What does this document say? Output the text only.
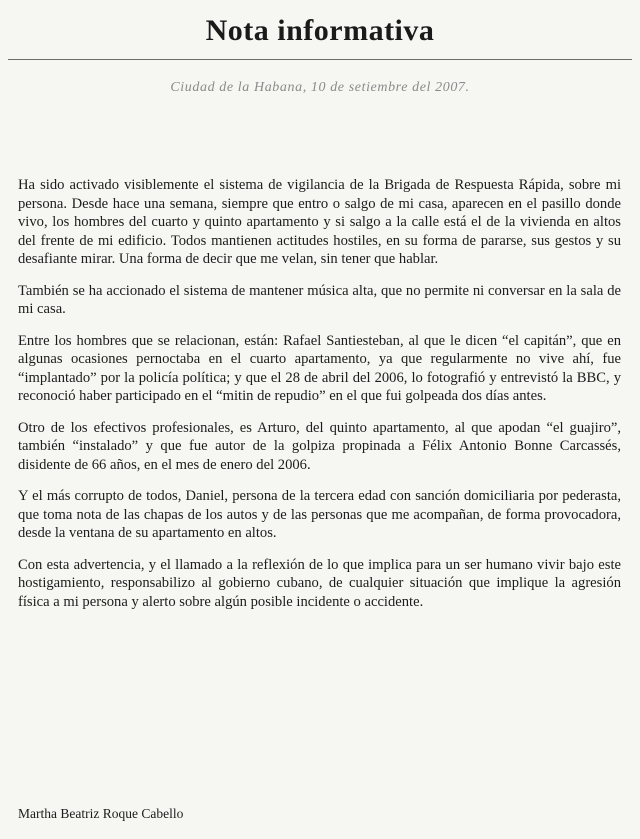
Nota informativa

Ciudad de la Habana, 10 de setiembre del 2007.

Ha sido activado visiblemente el sistema de vigilancia de la Brigada de Respuesta Rápida, sobre mi persona. Desde hace una semana, siempre que entro o salgo de mi casa, aparecen en el pasillo donde vivo, los hombres del cuarto y quinto apartamento y si salgo a la calle está el de la vivienda en altos del frente de mi edificio. Todos mantienen actitudes hostiles, en su forma de pararse, sus gestos y su desafiante mirar. Una forma de decir que me velan, sin tener que hablar.

También se ha accionado el sistema de mantener música alta, que no permite ni conversar en la sala de mi casa.

Entre los hombres que se relacionan, están: Rafael Santiesteban, al que le dicen “el capitán”, que en algunas ocasiones pernoctaba en el cuarto apartamento, ya que regularmente no vive ahí, fue “implantado” por la policía política; y que el 28 de abril del 2006, lo fotografió y entrevistó la BBC, y reconoció haber participado en el “mitin de repudio” en el que fui golpeada dos días antes.

Otro de los efectivos profesionales, es Arturo, del quinto apartamento, al que apodan “el guajiro”, también “instalado” y que fue autor de la golpiza propinada a Félix Antonio Bonne Carcassés, disidente de 66 años, en el mes de enero del 2006.

Y el más corrupto de todos, Daniel, persona de la tercera edad con sanción domiciliaria por pederasta, que toma nota de las chapas de los autos y de las personas que me acompañan, de forma provocadora, desde la ventana de su apartamento en altos.

Con esta advertencia, y el llamado a la reflexión de lo que implica para un ser humano vivir bajo este hostigamiento, responsabilizo al gobierno cubano, de cualquier situación que implique la agresión física a mi persona y alerto sobre algún posible incidente o accidente.

Martha Beatriz Roque Cabello
